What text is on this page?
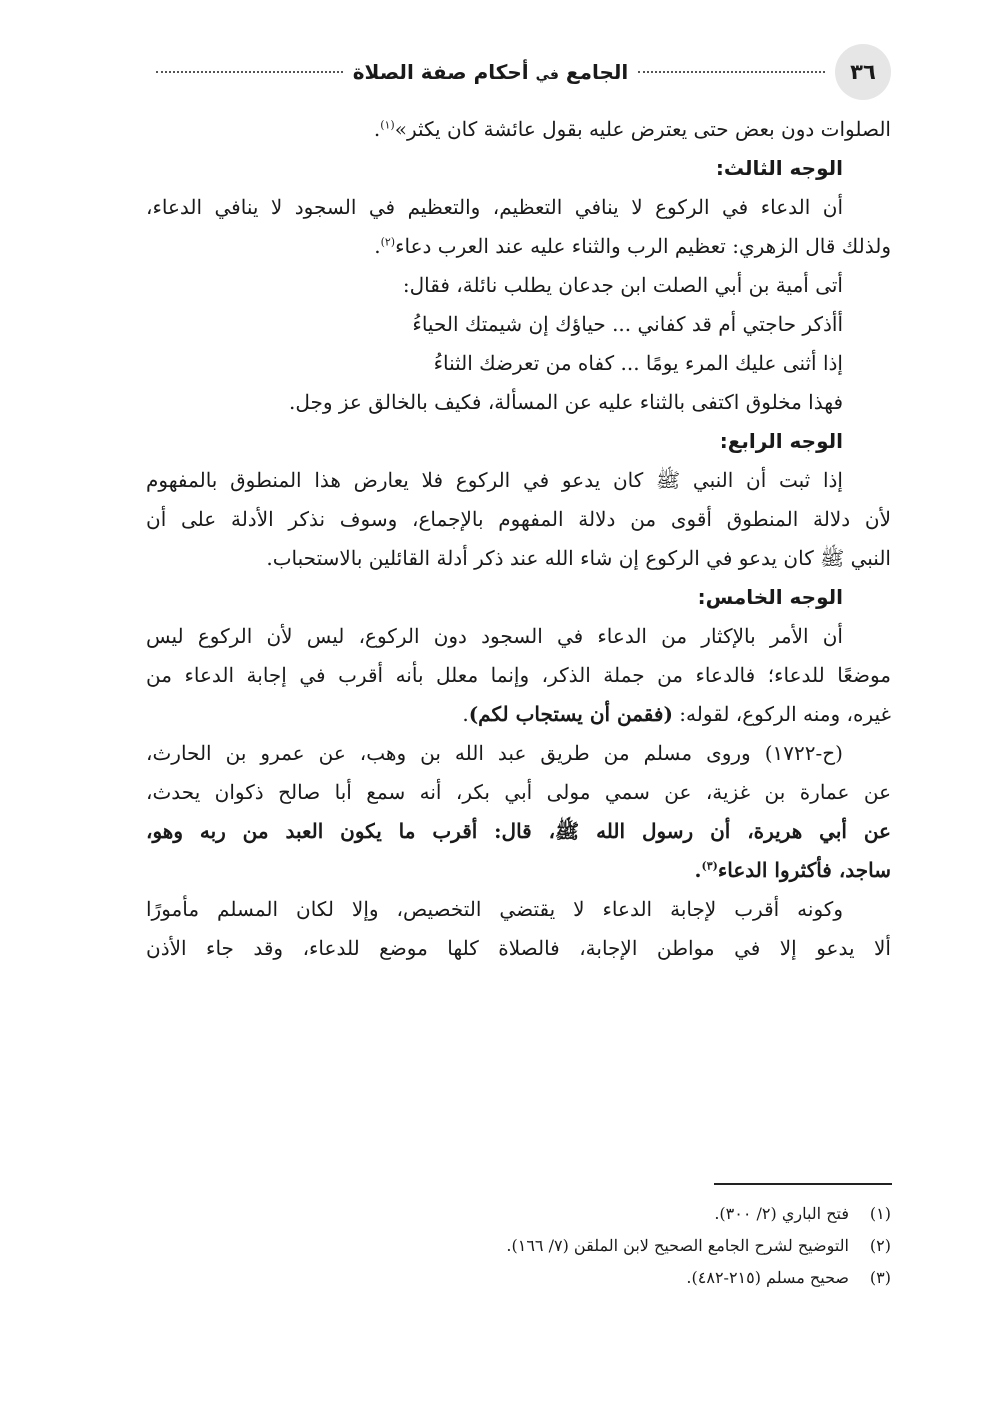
٣٦
الجامع في أحكام صفة الصلاة

الصلوات دون بعض حتى يعترض عليه بقول عائشة كان يكثر»$^{(١)}$.

الوجه الثالث:

أن الدعاء في الركوع لا ينافي التعظيم، والتعظيم في السجود لا ينافي الدعاء،

ولذلك قال الزهري: تعظيم الرب والثناء عليه عند العرب دعاء$^{(٢)}$.

أتى أمية بن أبي الصلت ابن جدعان يطلب نائلة، فقال:

أأذكر حاجتي أم قد كفاني ... حياؤك إن شيمتك الحياءُ

إذا أثنى عليك المرء يومًا ... كفاه من تعرضك الثناءُ

فهذا مخلوق اكتفى بالثناء عليه عن المسألة، فكيف بالخالق عز وجل.

الوجه الرابع:

إذا ثبت أن النبي ﷺ كان يدعو في الركوع فلا يعارض هذا المنطوق بالمفهوم

لأن دلالة المنطوق أقوى من دلالة المفهوم بالإجماع، وسوف نذكر الأدلة على أن

النبي ﷺ كان يدعو في الركوع إن شاء الله عند ذكر أدلة القائلين بالاستحباب.

الوجه الخامس:

أن الأمر بالإكثار من الدعاء في السجود دون الركوع، ليس لأن الركوع ليس

موضعًا للدعاء؛ فالدعاء من جملة الذكر، وإنما معلل بأنه أقرب في إجابة الدعاء من

غيره، ومنه الركوع، لقوله: (فقمن أن يستجاب لكم).

(ح-١٧٢٢) وروى مسلم من طريق عبد الله بن وهب، عن عمرو بن الحارث،

عن عمارة بن غزية، عن سمي مولى أبي بكر، أنه سمع أبا صالح ذكوان يحدث،

عن أبي هريرة، أن رسول الله ﷺ، قال: أقرب ما يكون العبد من ربه وهو،

ساجد، فأكثروا الدعاء$^{(٣)}$.

وكونه أقرب لإجابة الدعاء لا يقتضي التخصيص، وإلا لكان المسلم مأمورًا

ألا يدعو إلا في مواطن الإجابة، فالصلاة كلها موضع للدعاء، وقد جاء الأذن

(١)فتح الباري (٢/ ٣٠٠).

(٢)التوضيح لشرح الجامع الصحيح لابن الملقن (٧/ ١٦٦).

(٣)صحيح مسلم (٢١٥-٤٨٢).
